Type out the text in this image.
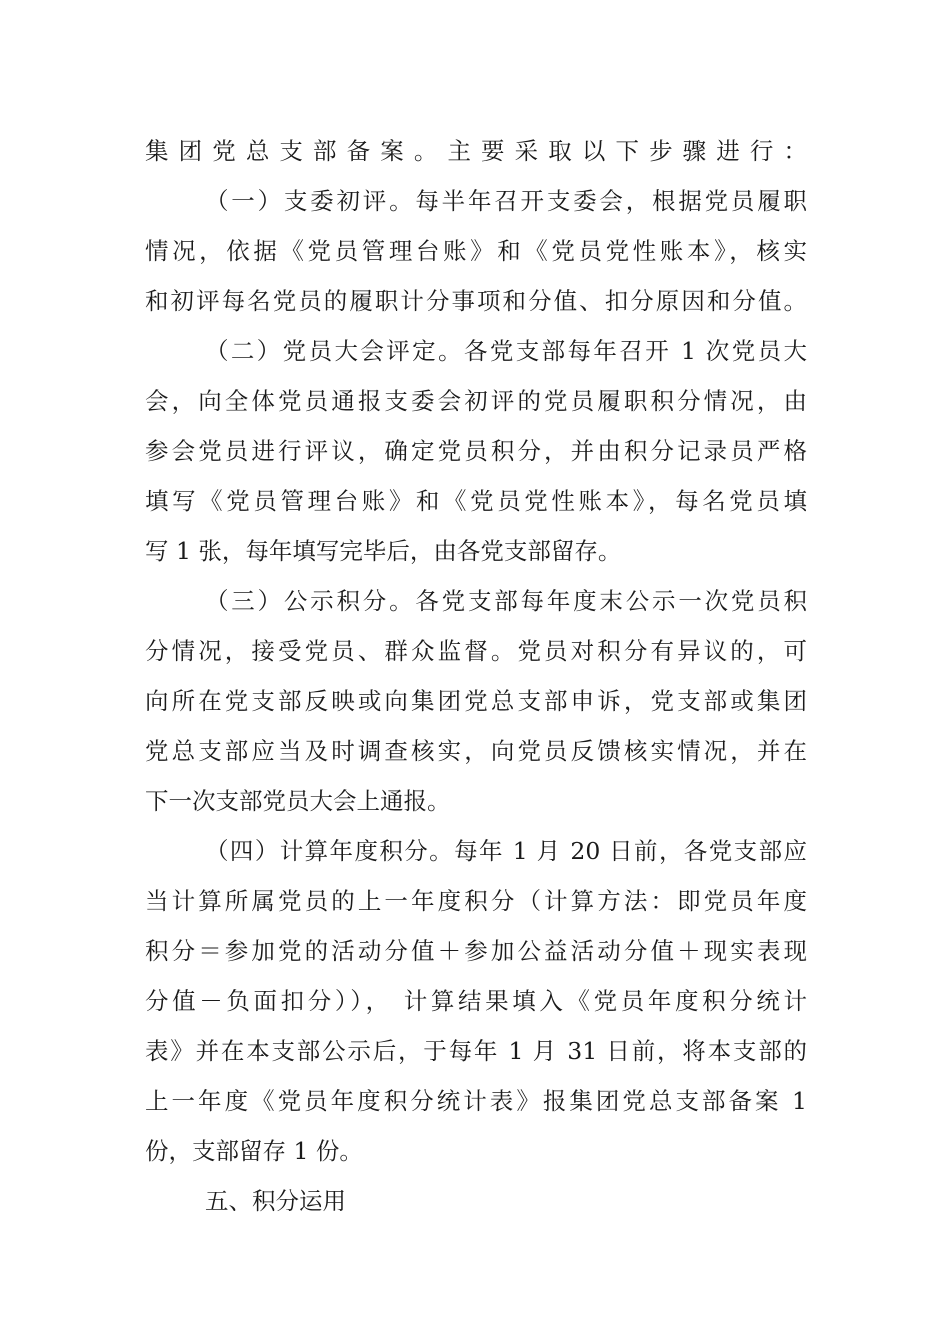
集团党总支部备案。主要采取以下步骤进行：
（一）支委初评。每半年召开支委会，根据党员履职
情况，依据《党员管理台账》和《党员党性账本》，核实
和初评每名党员的履职计分事项和分值、扣分原因和分值。
（二）党员大会评定。各党支部每年召开 1 次党员大
会，向全体党员通报支委会初评的党员履职积分情况，由
参会党员进行评议，确定党员积分，并由积分记录员严格
填写《党员管理台账》和《党员党性账本》，每名党员填
写 1 张，每年填写完毕后，由各党支部留存。
（三）公示积分。各党支部每年度末公示一次党员积
分情况，接受党员、群众监督。党员对积分有异议的，可
向所在党支部反映或向集团党总支部申诉，党支部或集团
党总支部应当及时调查核实，向党员反馈核实情况，并在
下一次支部党员大会上通报。
（四）计算年度积分。每年 1 月 20 日前，各党支部应
当计算所属党员的上一年度积分（计算方法：即党员年度
积分＝参加党的活动分值＋参加公益活动分值＋现实表现
分值－负面扣分））， 计算结果填入《党员年度积分统计
表》并在本支部公示后，于每年 1 月 31 日前，将本支部的
上一年度《党员年度积分统计表》报集团党总支部备案 1
份，支部留存 1 份。
五、积分运用
